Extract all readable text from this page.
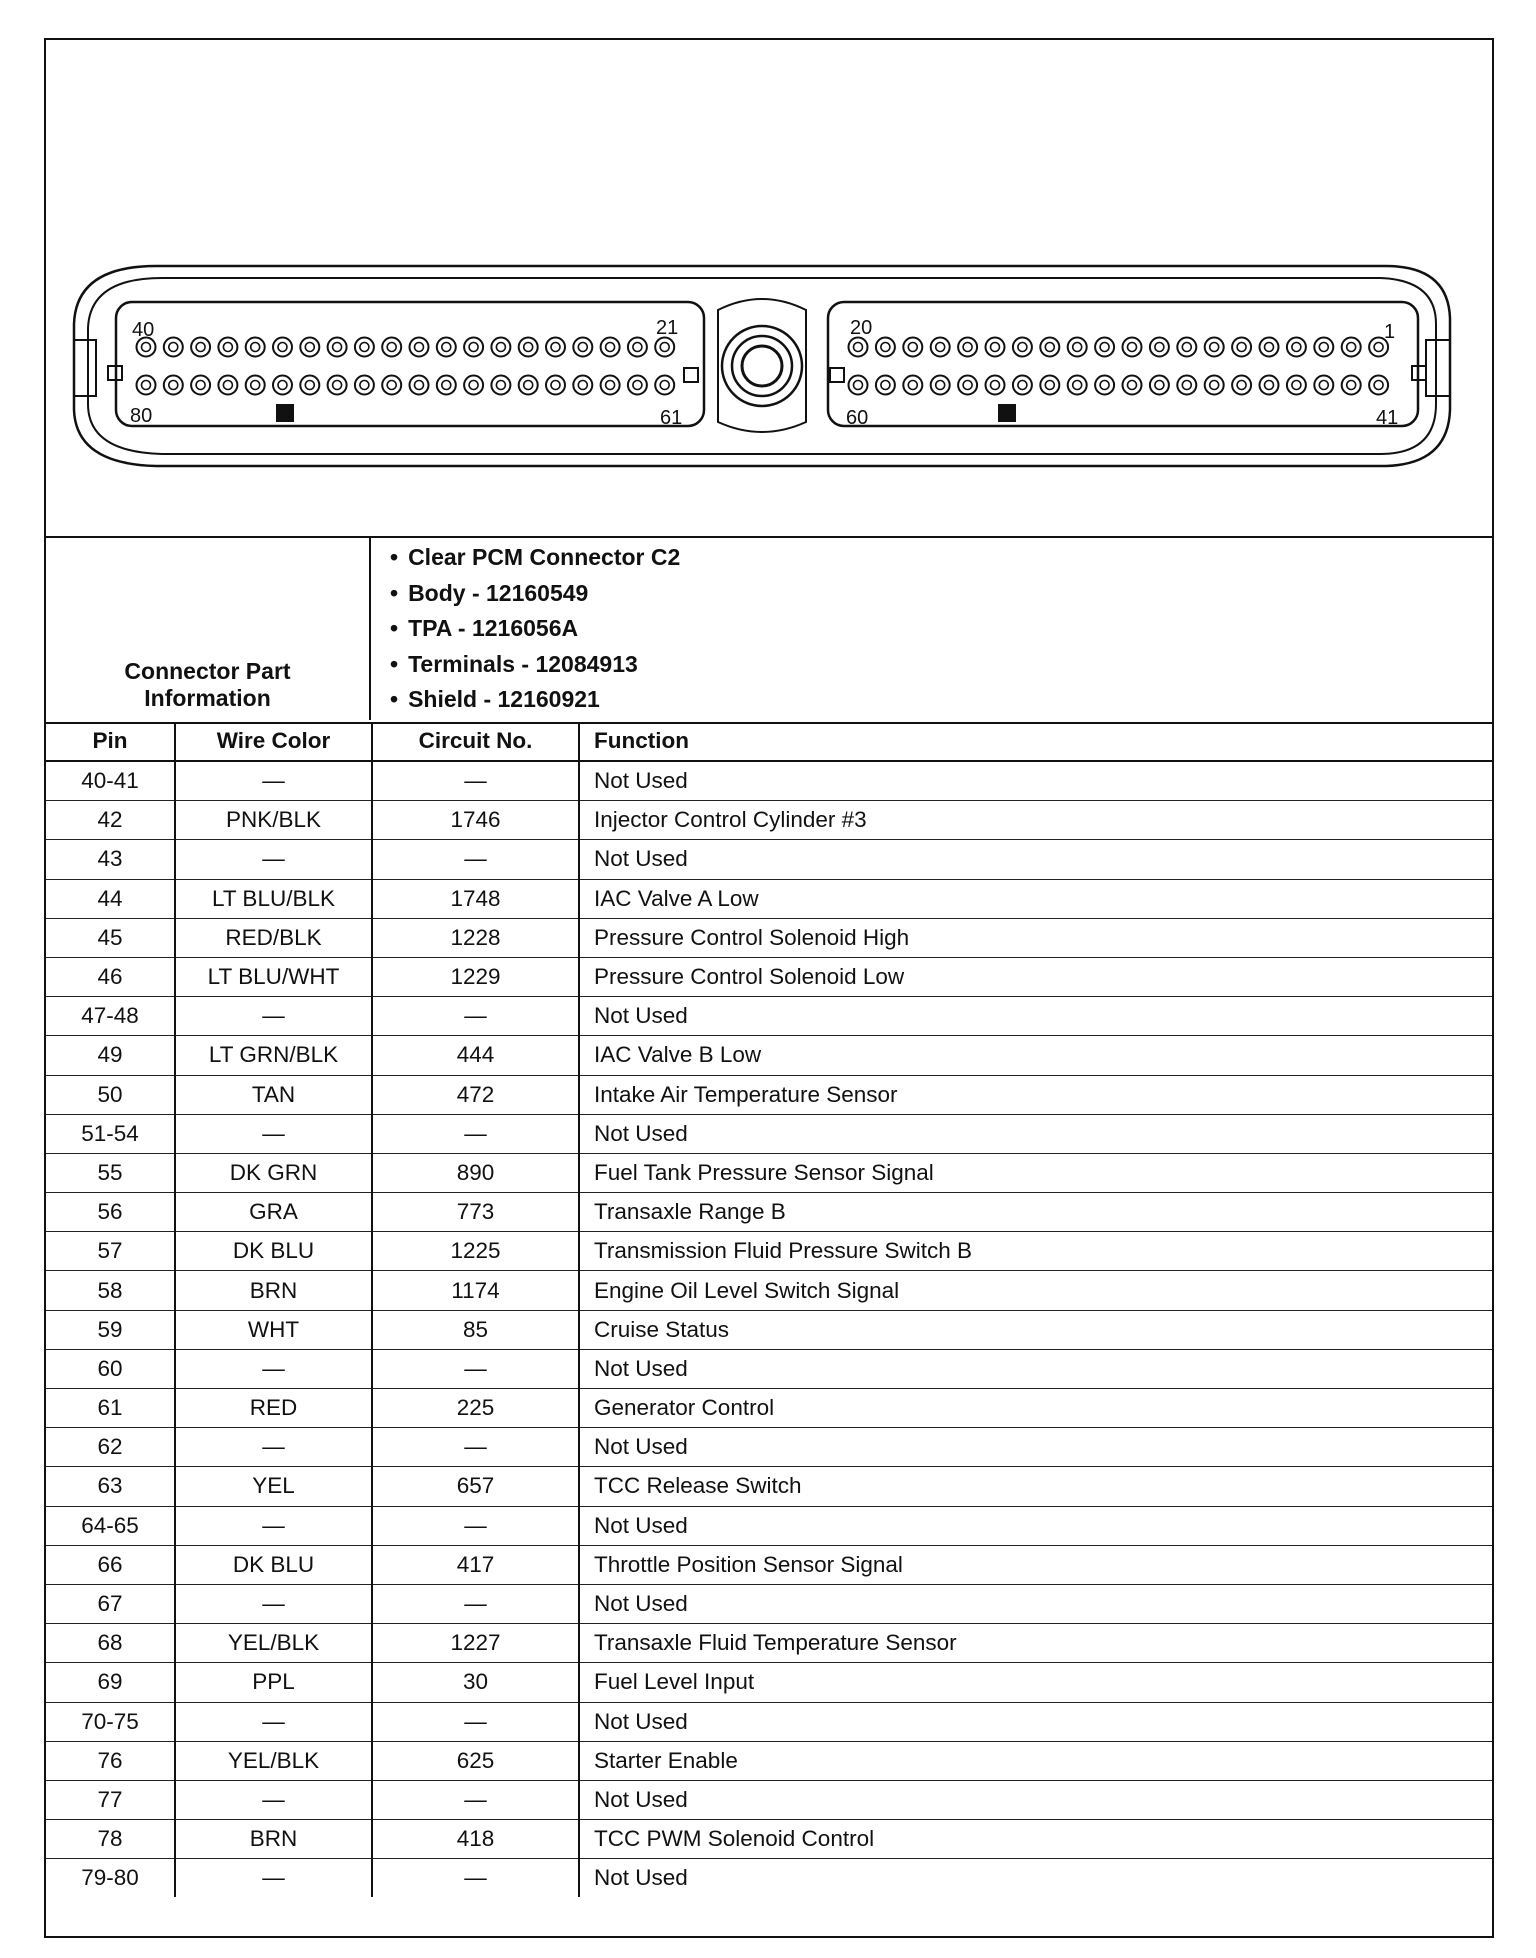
40	21
80	61
20	1
60	41
Connector Part
Information
• Clear PCM Connector C2
• Body - 12160549
• TPA - 1216056A
• Terminals - 12084913
• Shield - 12160921
Pin	Wire Color	Circuit No.	Function
40-41	—	—	Not Used
42	PNK/BLK	1746	Injector Control Cylinder #3
43	—	—	Not Used
44	LT BLU/BLK	1748	IAC Valve A Low
45	RED/BLK	1228	Pressure Control Solenoid High
46	LT BLU/WHT	1229	Pressure Control Solenoid Low
47-48	—	—	Not Used
49	LT GRN/BLK	444	IAC Valve B Low
50	TAN	472	Intake Air Temperature Sensor
51-54	—	—	Not Used
55	DK GRN	890	Fuel Tank Pressure Sensor Signal
56	GRA	773	Transaxle Range B
57	DK BLU	1225	Transmission Fluid Pressure Switch B
58	BRN	1174	Engine Oil Level Switch Signal
59	WHT	85	Cruise Status
60	—	—	Not Used
61	RED	225	Generator Control
62	—	—	Not Used
63	YEL	657	TCC Release Switch
64-65	—	—	Not Used
66	DK BLU	417	Throttle Position Sensor Signal
67	—	—	Not Used
68	YEL/BLK	1227	Transaxle Fluid Temperature Sensor
69	PPL	30	Fuel Level Input
70-75	—	—	Not Used
76	YEL/BLK	625	Starter Enable
77	—	—	Not Used
78	BRN	418	TCC PWM Solenoid Control
79-80	—	—	Not Used
